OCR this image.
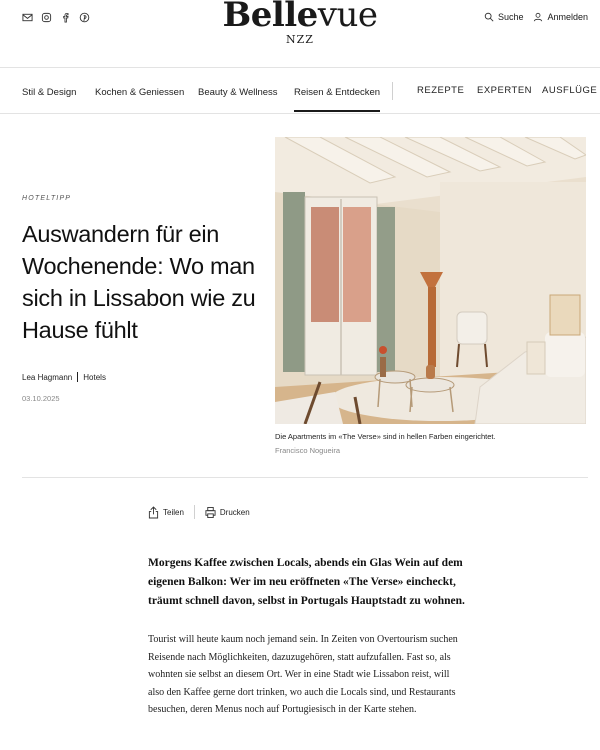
Bellevue
NZZ
Suche	Anmelden
Stil & Design Kochen & Geniessen Beauty & Wellness Reisen & Entdecken	REZEPTE EXPERTEN AUSFLÜGE
HOTELTIPP
Auswandern für ein Wochenende: Wo man sich in Lissabon wie zu Hause fühlt
Lea Hagmann Hotels
03.10.2025
Die Apartments im «The Verse» sind in hellen Farben eingerichtet.
Francisco Nogueira
Teilen	Drucken

Morgens Kaffee zwischen Locals, abends ein Glas Wein auf dem eigenen Balkon: Wer im neu eröffneten «The Verse» eincheckt, träumt schnell davon, selbst in Portugals Hauptstadt zu wohnen.

Tourist will heute kaum noch jemand sein. In Zeiten von Overtourism suchen Reisende nach Möglichkeiten, dazuzugehören, statt aufzufallen. Fast so, als wohnten sie selbst an diesem Ort. Wer in eine Stadt wie Lissabon reist, will also den Kaffee gerne dort trinken, wo auch die Locals sind, und Restaurants besuchen, deren Menus noch auf Portugiesisch in der Karte stehen.
